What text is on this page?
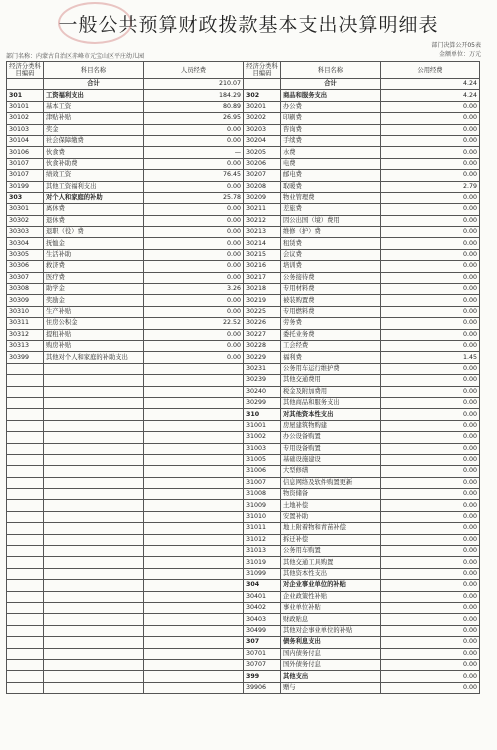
一般公共预算财政拨款基本支出决算明细表
部门决算公开05表
金额单位：万元
部门名称：内蒙古自治区赤峰市元宝山区平庄幼儿园
经济分类科目编码	科目名称	人员经费	经济分类科目编码	科目名称	公用经费
	合计	210.07		合计	4.24
301	工资福利支出	184.29	302	商品和服务支出	4.24
30101	基本工资	80.89	30201	办公费	0.00
30102	津贴补贴	26.95	30202	印刷费	0.00
30103	奖金	0.00	30203	咨询费	0.00
30104	社会保障缴费	0.00	30204	手续费	0.00
30106	伙食费	—	30205	水费	0.00
30107	伙食补助费	0.00	30206	电费	0.00
30107	绩效工资	76.45	30207	邮电费	0.00
30199	其他工资福利支出	0.00	30208	取暖费	2.79
303	对个人和家庭的补助	25.78	30209	物业管理费	0.00
30301	离休费	0.00	30211	差旅费	0.00
30302	退休费	0.00	30212	因公出国（境）费用	0.00
30303	退职（役）费	0.00	30213	维修（护）费	0.00
30304	抚恤金	0.00	30214	租赁费	0.00
30305	生活补助	0.00	30215	会议费	0.00
30306	救济费	0.00	30216	培训费	0.00
30307	医疗费	0.00	30217	公务接待费	0.00
30308	助学金	3.26	30218	专用材料费	0.00
30309	奖励金	0.00	30219	被装购置费	0.00
30310	生产补贴	0.00	30225	专用燃料费	0.00
30311	住房公积金	22.52	30226	劳务费	0.00
30312	提租补贴	0.00	30227	委托业务费	0.00
30313	购房补贴	0.00	30228	工会经费	0.00
30399	其他对个人和家庭的补助支出	0.00	30229	福利费	1.45
			30231	公务用车运行维护费	0.00
			30239	其他交通费用	0.00
			30240	税金及附加费用	0.00
			30299	其他商品和服务支出	0.00
			310	对其他资本性支出	0.00
			31001	房屋建筑物购建	0.00
			31002	办公设备购置	0.00
			31003	专用设备购置	0.00
			31005	基础设施建设	0.00
			31006	大型修缮	0.00
			31007	信息网络及软件购置更新	0.00
			31008	物资储备	0.00
			31009	土地补偿	0.00
			31010	安置补助	0.00
			31011	地上附着物和青苗补偿	0.00
			31012	拆迁补偿	0.00
			31013	公务用车购置	0.00
			31019	其他交通工具购置	0.00
			31099	其他资本性支出	0.00
			304	对企业事业单位的补贴	0.00
			30401	企业政策性补贴	0.00
			30402	事业单位补贴	0.00
			30403	财政贴息	0.00
			30499	其他对企事业单位的补贴	0.00
			307	债务利息支出	0.00
			30701	国内债务付息	0.00
			30707	国外债务付息	0.00
			399	其他支出	0.00
			39906	赠与	0.00
